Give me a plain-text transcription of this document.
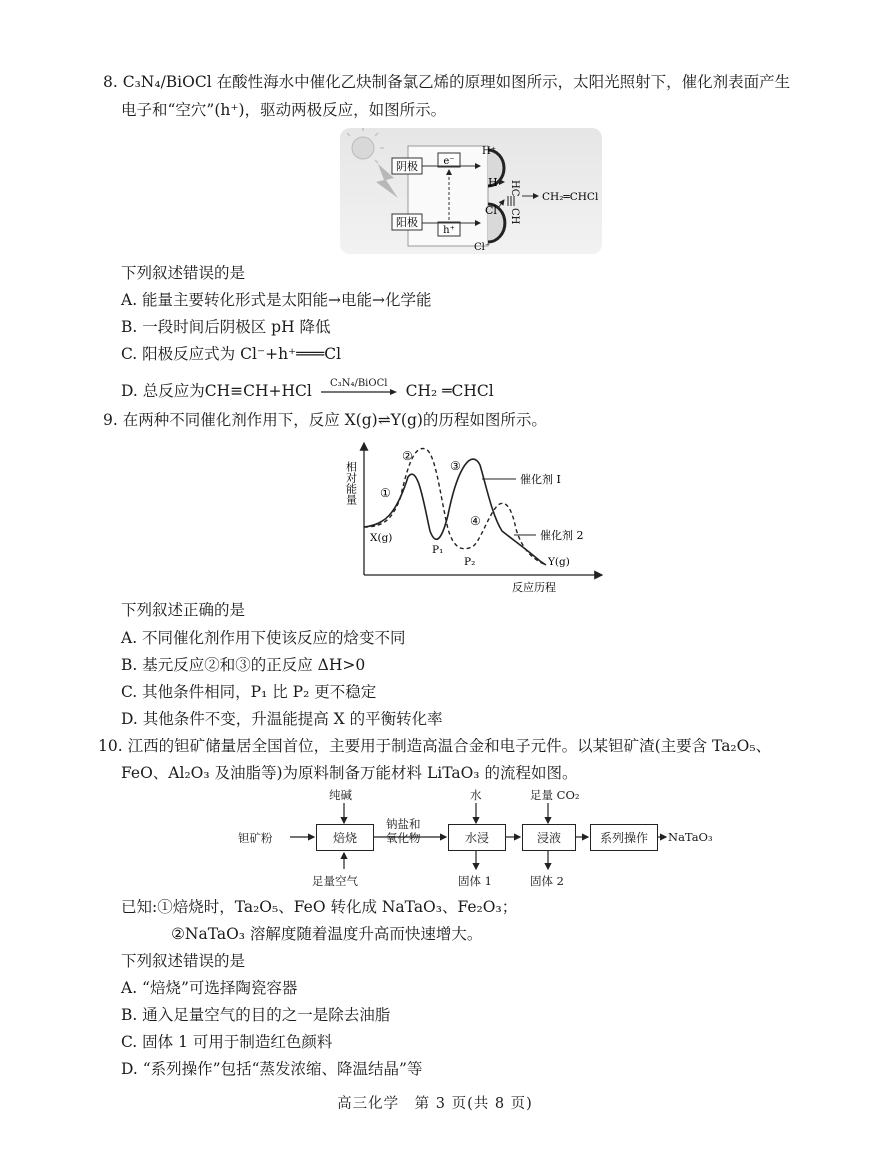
8. C₃N₄/BiOCl 在酸性海水中催化乙炔制备氯乙烯的原理如图所示，太阳光照射下，催化剂表面产生
电子和“空穴”(h⁺)，驱动两极反应，如图所示。
阴极
阳极
e⁻
h⁺
H⁺
H
Cl
Cl⁻
HC
CH
CH₂═CHCl
下列叙述错误的是
A. 能量主要转化形式是太阳能→电能→化学能
B. 一段时间后阴极区 pH 降低
C. 阳极反应式为 Cl⁻+h⁺═══Cl
D. 总反应为CH≡CH+HCl	C₃N₄/BiOCl	CH₂ ═CHCl
9. 在两种不同催化剂作用下，反应 X(g)⇌Y(g)的历程如图所示。
相对能量	催化剂 I
催化剂 2
①
②
③
④
X(g)
P₁
P₂	Y(g)
反应历程
下列叙述正确的是
A. 不同催化剂作用下使该反应的焓变不同
B. 基元反应②和③的正反应 ΔH>0
C. 其他条件相同，P₁ 比 P₂ 更不稳定
D. 其他条件不变，升温能提高 X 的平衡转化率
10. 江西的钽矿储量居全国首位，主要用于制造高温合金和电子元件。以某钽矿渣(主要含 Ta₂O₅、
FeO、Al₂O₃ 及油脂等)为原料制备万能材料 LiTaO₃ 的流程如图。
纯碱	水	足量 CO₂
钽矿粉	焙烧
钠盐和
氧化物	水浸	浸液	系列操作	NaTaO₃
足量空气	固体 1	固体 2
已知:①焙烧时，Ta₂O₅、FeO 转化成 NaTaO₃、Fe₂O₃；
②NaTaO₃ 溶解度随着温度升高而快速增大。
下列叙述错误的是
A. “焙烧”可选择陶瓷容器
B. 通入足量空气的目的之一是除去油脂
C. 固体 1 可用于制造红色颜料
D. “系列操作”包括“蒸发浓缩、降温结晶”等
高三化学　第 3 页(共 8 页)
